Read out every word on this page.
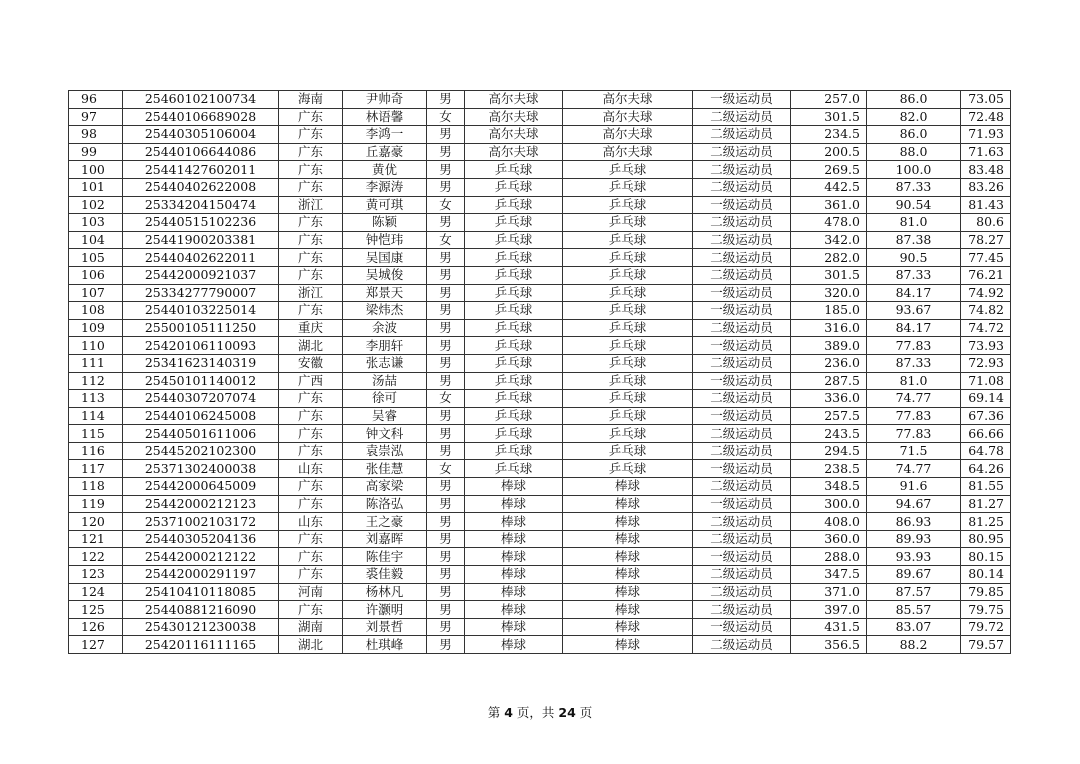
96	25460102100734	海南	尹帅奇	男	高尔夫球	高尔夫球	一级运动员	257.0	86.0	73.05
97	25440106689028	广东	林语馨	女	高尔夫球	高尔夫球	二级运动员	301.5	82.0	72.48
98	25440305106004	广东	李鸿一	男	高尔夫球	高尔夫球	二级运动员	234.5	86.0	71.93
99	25440106644086	广东	丘嘉豪	男	高尔夫球	高尔夫球	二级运动员	200.5	88.0	71.63
100	25441427602011	广东	黄优	男	乒乓球	乒乓球	二级运动员	269.5	100.0	83.48
101	25440402622008	广东	李源涛	男	乒乓球	乒乓球	二级运动员	442.5	87.33	83.26
102	25334204150474	浙江	黄可琪	女	乒乓球	乒乓球	一级运动员	361.0	90.54	81.43
103	25440515102236	广东	陈颖	男	乒乓球	乒乓球	二级运动员	478.0	81.0	80.6
104	25441900203381	广东	钟恺玮	女	乒乓球	乒乓球	二级运动员	342.0	87.38	78.27
105	25440402622011	广东	吴国康	男	乒乓球	乒乓球	二级运动员	282.0	90.5	77.45
106	25442000921037	广东	吴城俊	男	乒乓球	乒乓球	二级运动员	301.5	87.33	76.21
107	25334277790007	浙江	郑景天	男	乒乓球	乒乓球	一级运动员	320.0	84.17	74.92
108	25440103225014	广东	梁炜杰	男	乒乓球	乒乓球	一级运动员	185.0	93.67	74.82
109	25500105111250	重庆	余波	男	乒乓球	乒乓球	二级运动员	316.0	84.17	74.72
110	25420106110093	湖北	李朋轩	男	乒乓球	乒乓球	一级运动员	389.0	77.83	73.93
111	25341623140319	安徽	张志谦	男	乒乓球	乒乓球	二级运动员	236.0	87.33	72.93
112	25450101140012	广西	汤喆	男	乒乓球	乒乓球	一级运动员	287.5	81.0	71.08
113	25440307207074	广东	徐可	女	乒乓球	乒乓球	二级运动员	336.0	74.77	69.14
114	25440106245008	广东	吴睿	男	乒乓球	乒乓球	一级运动员	257.5	77.83	67.36
115	25440501611006	广东	钟文科	男	乒乓球	乒乓球	二级运动员	243.5	77.83	66.66
116	25445202102300	广东	袁崇泓	男	乒乓球	乒乓球	二级运动员	294.5	71.5	64.78
117	25371302400038	山东	张佳慧	女	乒乓球	乒乓球	一级运动员	238.5	74.77	64.26
118	25442000645009	广东	高家梁	男	棒球	棒球	二级运动员	348.5	91.6	81.55
119	25442000212123	广东	陈洛弘	男	棒球	棒球	一级运动员	300.0	94.67	81.27
120	25371002103172	山东	王之豪	男	棒球	棒球	二级运动员	408.0	86.93	81.25
121	25440305204136	广东	刘嘉晖	男	棒球	棒球	二级运动员	360.0	89.93	80.95
122	25442000212122	广东	陈佳宇	男	棒球	棒球	一级运动员	288.0	93.93	80.15
123	25442000291197	广东	裘佳毅	男	棒球	棒球	二级运动员	347.5	89.67	80.14
124	25410410118085	河南	杨林凡	男	棒球	棒球	二级运动员	371.0	87.57	79.85
125	25440881216090	广东	许灏明	男	棒球	棒球	二级运动员	397.0	85.57	79.75
126	25430121230038	湖南	刘景哲	男	棒球	棒球	一级运动员	431.5	83.07	79.72
127	25420116111165	湖北	杜琪峰	男	棒球	棒球	二级运动员	356.5	88.2	79.57
第 4 页，共 24 页
